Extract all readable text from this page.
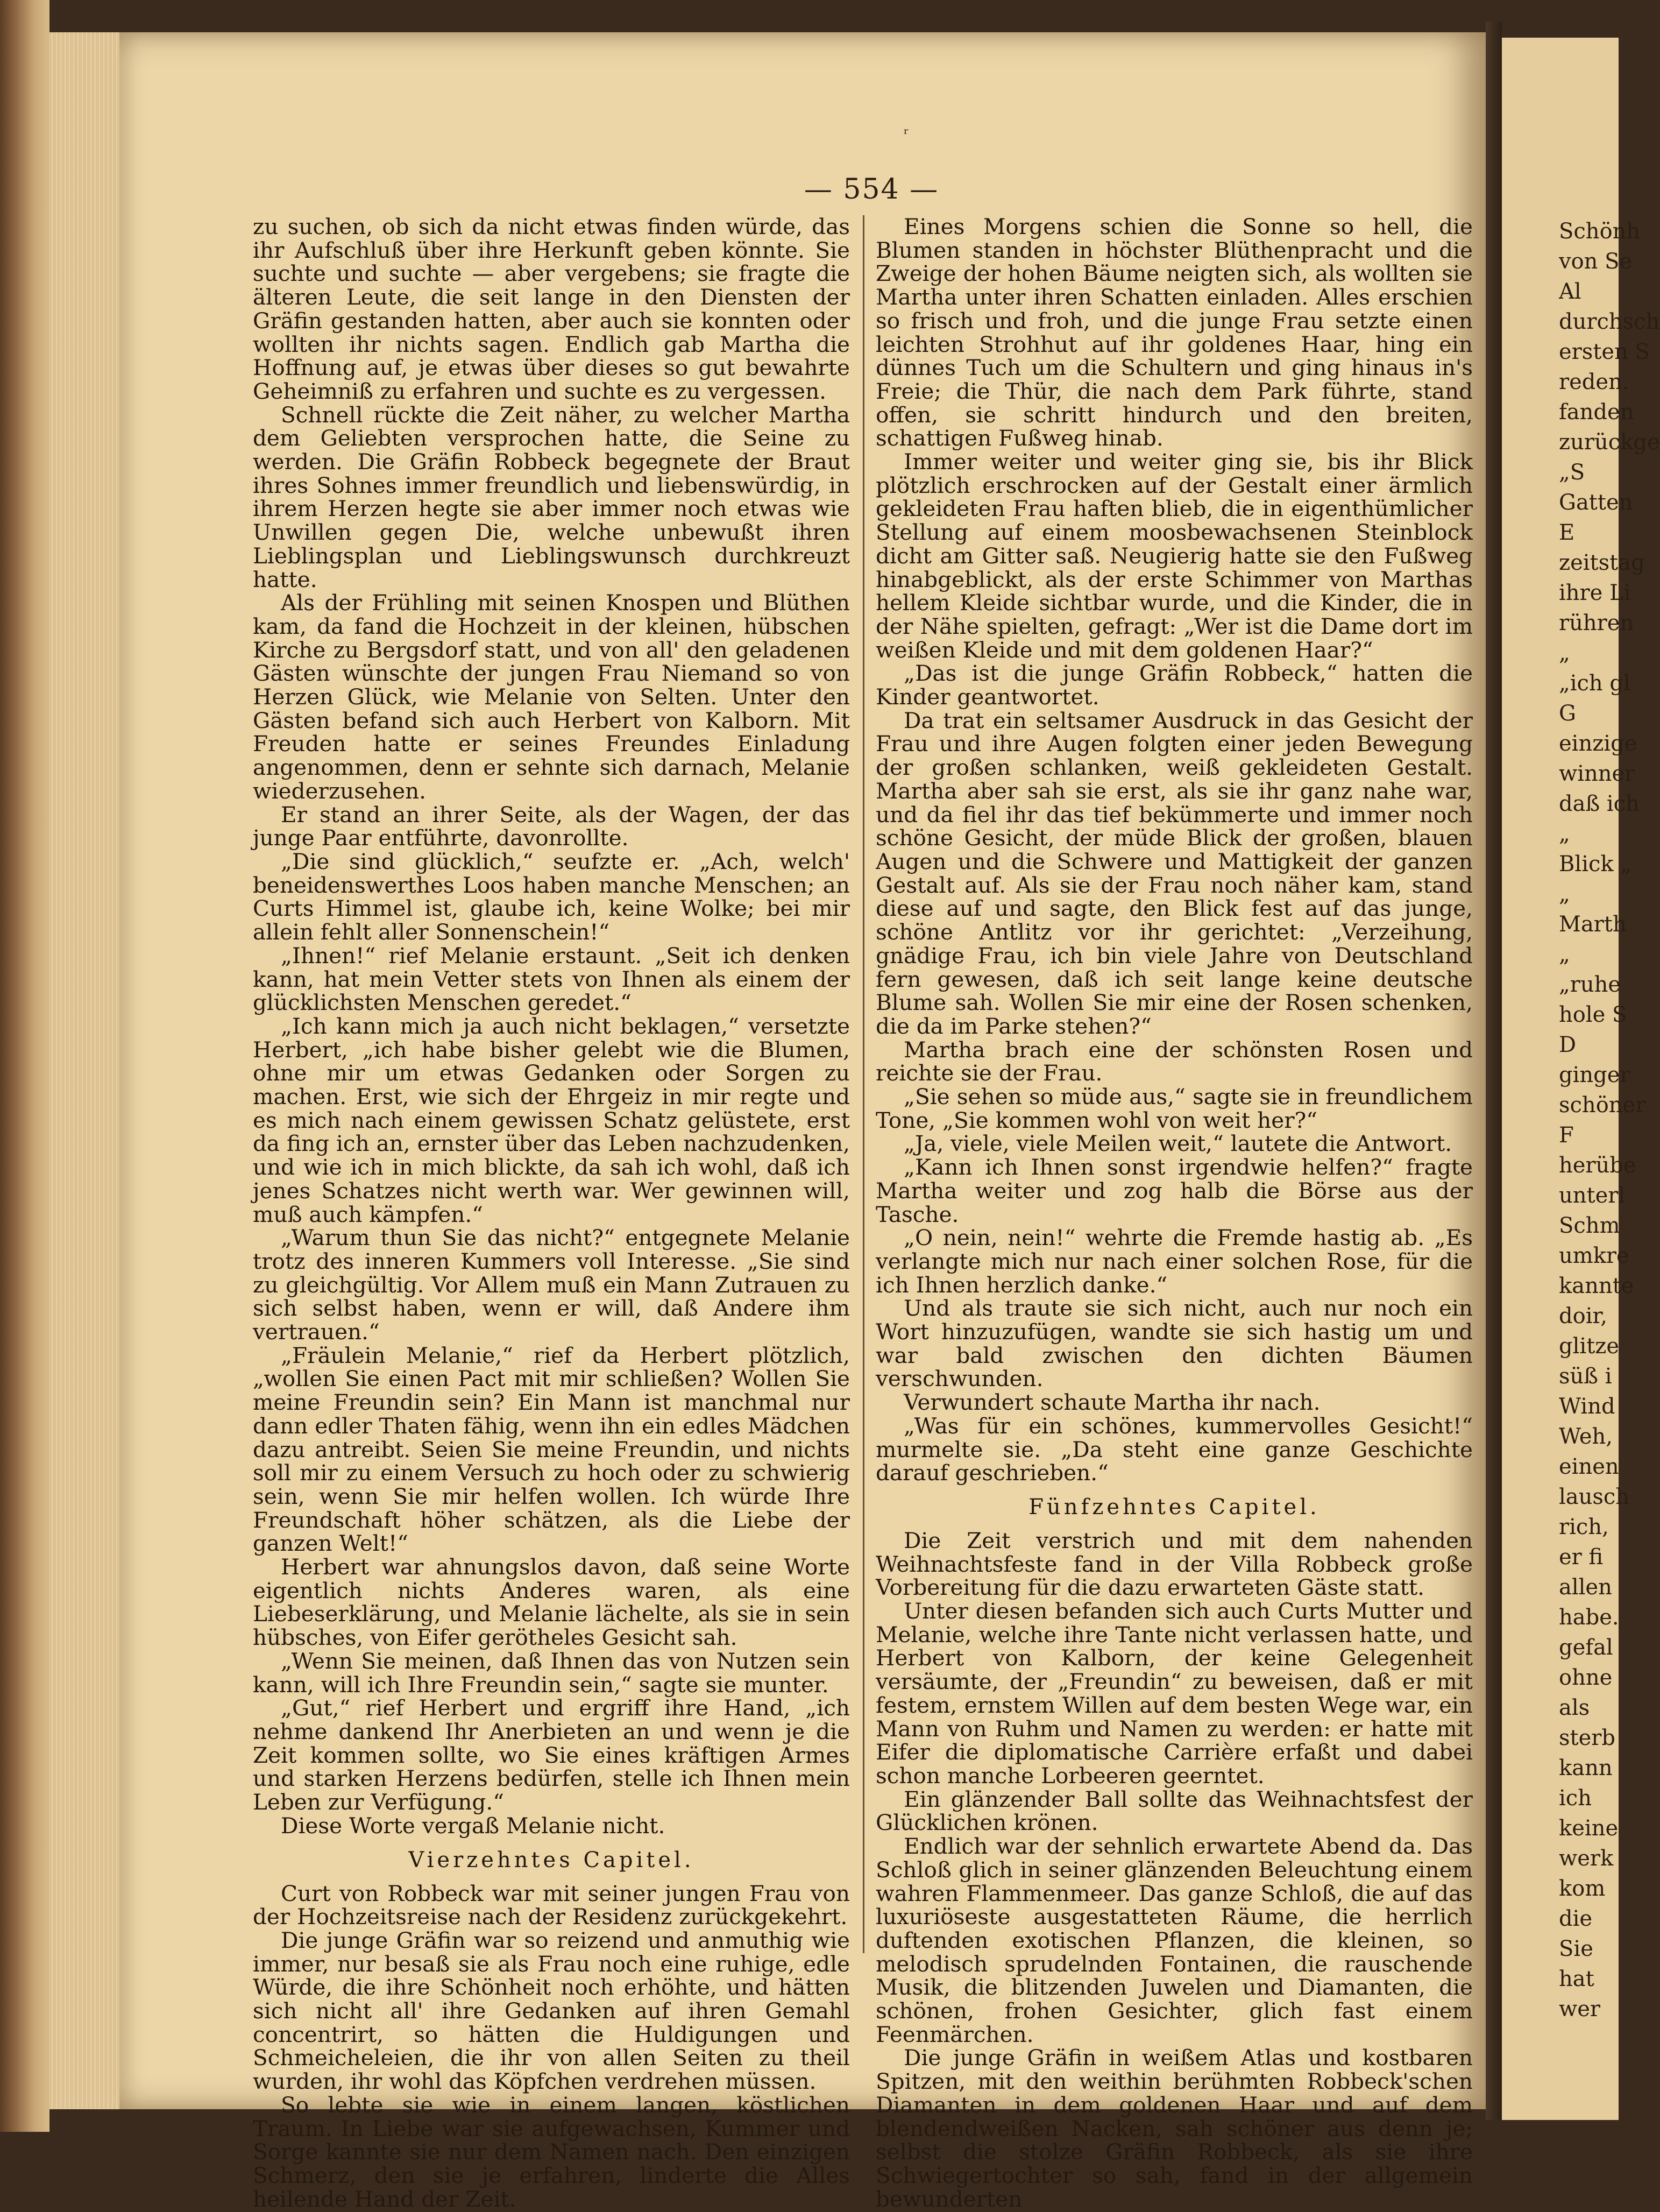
ʳ
— 554 —

zu suchen, ob sich da nicht etwas finden würde, das ihr Aufschluß über ihre Herkunft geben könnte. Sie suchte und suchte — aber vergebens; sie fragte die älteren Leute, die seit lange in den Diensten der Gräfin gestanden hatten, aber auch sie konnten oder wollten ihr nichts sagen. Endlich gab Martha die Hoffnung auf, je etwas über dieses so gut bewahrte Geheimniß zu erfahren und suchte es zu vergessen.

Schnell rückte die Zeit näher, zu welcher Martha dem Geliebten versprochen hatte, die Seine zu werden. Die Gräfin Robbeck begegnete der Braut ihres Sohnes immer freundlich und liebenswürdig, in ihrem Herzen hegte sie aber immer noch etwas wie Unwillen gegen Die, welche unbewußt ihren Lieblingsplan und Lieblingswunsch durchkreuzt hatte.

Als der Frühling mit seinen Knospen und Blüthen kam, da fand die Hochzeit in der kleinen, hübschen Kirche zu Bergsdorf statt, und von all' den geladenen Gästen wünschte der jungen Frau Niemand so von Herzen Glück, wie Melanie von Selten. Unter den Gästen befand sich auch Herbert von Kalborn. Mit Freuden hatte er seines Freundes Einladung angenommen, denn er sehnte sich darnach, Melanie wiederzusehen.

Er stand an ihrer Seite, als der Wagen, der das junge Paar entführte, davonrollte.

„Die sind glücklich,“ seufzte er. „Ach, welch' beneidenswerthes Loos haben manche Menschen; an Curts Himmel ist, glaube ich, keine Wolke; bei mir allein fehlt aller Sonnenschein!“

„Ihnen!“ rief Melanie erstaunt. „Seit ich denken kann, hat mein Vetter stets von Ihnen als einem der glücklichsten Menschen geredet.“

„Ich kann mich ja auch nicht beklagen,“ versetzte Herbert, „ich habe bisher gelebt wie die Blumen, ohne mir um etwas Gedanken oder Sorgen zu machen. Erst, wie sich der Ehrgeiz in mir regte und es mich nach einem gewissen Schatz gelüstete, erst da fing ich an, ernster über das Leben nachzudenken, und wie ich in mich blickte, da sah ich wohl, daß ich jenes Schatzes nicht werth war. Wer gewinnen will, muß auch kämpfen.“

„Warum thun Sie das nicht?“ entgegnete Melanie trotz des inneren Kummers voll Interesse. „Sie sind zu gleichgültig. Vor Allem muß ein Mann Zutrauen zu sich selbst haben, wenn er will, daß Andere ihm vertrauen.“

„Fräulein Melanie,“ rief da Herbert plötzlich, „wollen Sie einen Pact mit mir schließen? Wollen Sie meine Freundin sein? Ein Mann ist manchmal nur dann edler Thaten fähig, wenn ihn ein edles Mädchen dazu antreibt. Seien Sie meine Freundin, und nichts soll mir zu einem Versuch zu hoch oder zu schwierig sein, wenn Sie mir helfen wollen. Ich würde Ihre Freundschaft höher schätzen, als die Liebe der ganzen Welt!“

Herbert war ahnungslos davon, daß seine Worte eigentlich nichts Anderes waren, als eine Liebeserklärung, und Melanie lächelte, als sie in sein hübsches, von Eifer gerötheles Gesicht sah.

„Wenn Sie meinen, daß Ihnen das von Nutzen sein kann, will ich Ihre Freundin sein,“ sagte sie munter.

„Gut,“ rief Herbert und ergriff ihre Hand, „ich nehme dankend Ihr Anerbieten an und wenn je die Zeit kommen sollte, wo Sie eines kräftigen Armes und starken Herzens bedürfen, stelle ich Ihnen mein Leben zur Verfügung.“

Diese Worte vergaß Melanie nicht.

Vierzehntes Capitel.

Curt von Robbeck war mit seiner jungen Frau von der Hochzeitsreise nach der Residenz zurückgekehrt.

Die junge Gräfin war so reizend und anmuthig wie immer, nur besaß sie als Frau noch eine ruhige, edle Würde, die ihre Schönheit noch erhöhte, und hätten sich nicht all' ihre Gedanken auf ihren Gemahl concentrirt, so hätten die Huldigungen und Schmeicheleien, die ihr von allen Seiten zu theil wurden, ihr wohl das Köpfchen verdrehen müssen.

So lebte sie wie in einem langen, köstlichen Traum. In Liebe war sie aufgewachsen, Kummer und Sorge kannte sie nur dem Namen nach. Den einzigen Schmerz, den sie je erfahren, linderte die Alles heilende Hand der Zeit.

Eines Morgens schien die Sonne so hell, die Blumen standen in höchster Blüthenpracht und die Zweige der hohen Bäume neigten sich, als wollten sie Martha unter ihren Schatten einladen. Alles erschien so frisch und froh, und die junge Frau setzte einen leichten Strohhut auf ihr goldenes Haar, hing ein dünnes Tuch um die Schultern und ging hinaus in's Freie; die Thür, die nach dem Park führte, stand offen, sie schritt hindurch und den breiten, schattigen Fußweg hinab.

Immer weiter und weiter ging sie, bis ihr Blick plötzlich erschrocken auf der Gestalt einer ärmlich gekleideten Frau haften blieb, die in eigenthümlicher Stellung auf einem moosbewachsenen Steinblock dicht am Gitter saß. Neugierig hatte sie den Fußweg hinabgeblickt, als der erste Schimmer von Marthas hellem Kleide sichtbar wurde, und die Kinder, die in der Nähe spielten, gefragt: „Wer ist die Dame dort im weißen Kleide und mit dem goldenen Haar?“

„Das ist die junge Gräfin Robbeck,“ hatten die Kinder geantwortet.

Da trat ein seltsamer Ausdruck in das Gesicht der Frau und ihre Augen folgten einer jeden Bewegung der großen schlanken, weiß gekleideten Gestalt. Martha aber sah sie erst, als sie ihr ganz nahe war, und da fiel ihr das tief bekümmerte und immer noch schöne Gesicht, der müde Blick der großen, blauen Augen und die Schwere und Mattigkeit der ganzen Gestalt auf. Als sie der Frau noch näher kam, stand diese auf und sagte, den Blick fest auf das junge, schöne Antlitz vor ihr gerichtet: „Verzeihung, gnädige Frau, ich bin viele Jahre von Deutschland fern gewesen, daß ich seit lange keine deutsche Blume sah. Wollen Sie mir eine der Rosen schenken, die da im Parke stehen?“

Martha brach eine der schönsten Rosen und reichte sie der Frau.

„Sie sehen so müde aus,“ sagte sie in freundlichem Tone, „Sie kommen wohl von weit her?“

„Ja, viele, viele Meilen weit,“ lautete die Antwort.

„Kann ich Ihnen sonst irgendwie helfen?“ fragte Martha weiter und zog halb die Börse aus der Tasche.

„O nein, nein!“ wehrte die Fremde hastig ab. „Es verlangte mich nur nach einer solchen Rose, für die ich Ihnen herzlich danke.“

Und als traute sie sich nicht, auch nur noch ein Wort hinzuzufügen, wandte sie sich hastig um und war bald zwischen den dichten Bäumen verschwunden.

Verwundert schaute Martha ihr nach.

„Was für ein schönes, kummervolles Gesicht!“ murmelte sie. „Da steht eine ganze Geschichte darauf geschrieben.“

Fünfzehntes Capitel.

Die Zeit verstrich und mit dem nahenden Weihnachtsfeste fand in der Villa Robbeck große Vorbereitung für die dazu erwarteten Gäste statt.

Unter diesen befanden sich auch Curts Mutter und Melanie, welche ihre Tante nicht verlassen hatte, und Herbert von Kalborn, der keine Gelegenheit versäumte, der „Freundin“ zu beweisen, daß er mit festem, ernstem Willen auf dem besten Wege war, ein Mann von Ruhm und Namen zu werden: er hatte mit Eifer die diplomatische Carrière erfaßt und dabei schon manche Lorbeeren geerntet.

Ein glänzender Ball sollte das Weihnachtsfest der Glücklichen krönen.

Endlich war der sehnlich erwartete Abend da. Das Schloß glich in seiner glänzenden Beleuchtung einem wahren Flammenmeer. Das ganze Schloß, die auf das luxuriöseste ausgestatteten Räume, die herrlich duftenden exotischen Pflanzen, die kleinen, so melodisch sprudelnden Fontainen, die rauschende Musik, die blitzenden Juwelen und Diamanten, die schönen, frohen Gesichter, glich fast einem Feenmärchen.

Die junge Gräfin in weißem Atlas und kostbaren Spitzen, mit den weithin berühmten Robbeck'schen Diamanten in dem goldenen Haar und auf dem blendendweißen Nacken, sah schöner aus denn je; selbst die stolze Gräfin Robbeck, als sie ihre Schwiegertochter so sah, fand in der allgemein bewunderten

Schönh
von Se
Al
durchsch
ersten S
reden.
fanden
zurückge
„S
Gatten
E
zeitstag
ihre Li
rühren
„
„ich gl
G
einzige
winner
daß ich
„
Blick „
„
Marth
„
„ruhe
hole S
D
ginger
schöner
F
herübe
unterl
Schm
umkre
kannte
doir,
glitze
süß i
Wind
Weh,
einen
lausch
rich,
er fi
allen
habe.
gefal
ohne
als
sterb
kann
ich
keine
werk
kom
die
Sie
hat
wer
